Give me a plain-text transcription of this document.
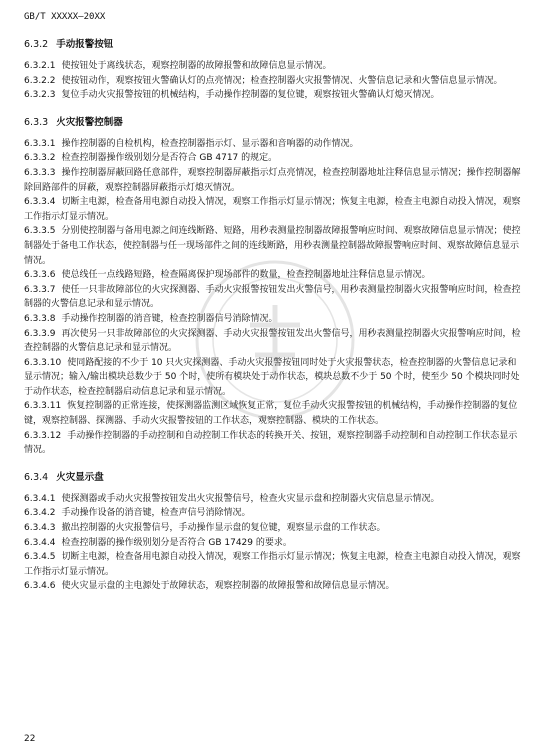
GB/T XXXXX—20XX
6.3.2 手动报警按钮

6.3.2.1 使按钮处于离线状态，观察控制器的故障报警和故障信息显示情况。

6.3.2.2 使按钮动作，观察按钮火警确认灯的点亮情况；检查控制器火灾报警情况、火警信息记录和火警信息显示情况。

6.3.2.3 复位手动火灾报警按钮的机械结构，手动操作控制器的复位键，观察按钮火警确认灯熄灭情况。

6.3.3 火灾报警控制器

6.3.3.1 操作控制器的自检机构，检查控制器指示灯、显示器和音响器的动作情况。

6.3.3.2 检查控制器操作级别划分是否符合 GB 4717 的规定。

6.3.3.3 操作控制器屏蔽回路任意部件，观察控制器屏蔽指示灯点亮情况，检查控制器地址注释信息显示情况；操作控制器解除回路部件的屏蔽，观察控制器屏蔽指示灯熄灭情况。

6.3.3.4 切断主电源，检查备用电源自动投入情况，观察工作指示灯显示情况；恢复主电源，检查主电源自动投入情况，观察工作指示灯显示情况。

6.3.3.5 分别使控制器与备用电源之间连线断路、短路，用秒表测量控制器故障报警响应时间、观察故障信息显示情况；使控制器处于备电工作状态，使控制器与任一现场部件之间的连线断路，用秒表测量控制器故障报警响应时间、观察故障信息显示情况。

6.3.3.6 使总线任一点线路短路，检查隔离保护现场部件的数量，检查控制器地址注释信息显示情况。

6.3.3.7 使任一只非故障部位的火灾探测器、手动火灾报警按钮发出火警信号，用秒表测量控制器火灾报警响应时间，检查控制器的火警信息记录和显示情况。

6.3.3.8 手动操作控制器的消音键，检查控制器信号消除情况。

6.3.3.9 再次使另一只非故障部位的火灾探测器、手动火灾报警按钮发出火警信号，用秒表测量控制器火灾报警响应时间，检查控制器的火警信息记录和显示情况。

6.3.3.10 使同路配接的不少于 10 只火灾探测器、手动火灾报警按钮同时处于火灾报警状态，检查控制器的火警信息记录和显示情况；输入/输出模块总数少于 50 个时，使所有模块处于动作状态，模块总数不少于 50 个时，使至少 50 个模块同时处于动作状态，检查控制器启动信息记录和显示情况。

6.3.3.11 恢复控制器的正常连接，使探测器监测区域恢复正常，复位手动火灾报警按钮的机械结构，手动操作控制器的复位键，观察控制器、探测器、手动火灾报警按钮的工作状态，观察控制器、模块的工作状态。

6.3.3.12 手动操作控制器的手动控制和自动控制工作状态的转换开关、按钮，观察控制器手动控制和自动控制工作状态显示情况。

6.3.4 火灾显示盘

6.3.4.1 使探测器或手动火灾报警按钮发出火灾报警信号，检查火灾显示盘和控制器火灾信息显示情况。

6.3.4.2 手动操作设备的消音键，检查声信号消除情况。

6.3.4.3 撤出控制器的火灾报警信号，手动操作显示盘的复位键，观察显示盘的工作状态。

6.3.4.4 检查控制器的操作级别划分是否符合 GB 17429 的要求。

6.3.4.5 切断主电源，检查备用电源自动投入情况，观察工作指示灯显示情况；恢复主电源，检查主电源自动投入情况，观察工作指示灯显示情况。

6.3.4.6 使火灾显示盘的主电源处于故障状态，观察控制器的故障报警和故障信息显示情况。

22
